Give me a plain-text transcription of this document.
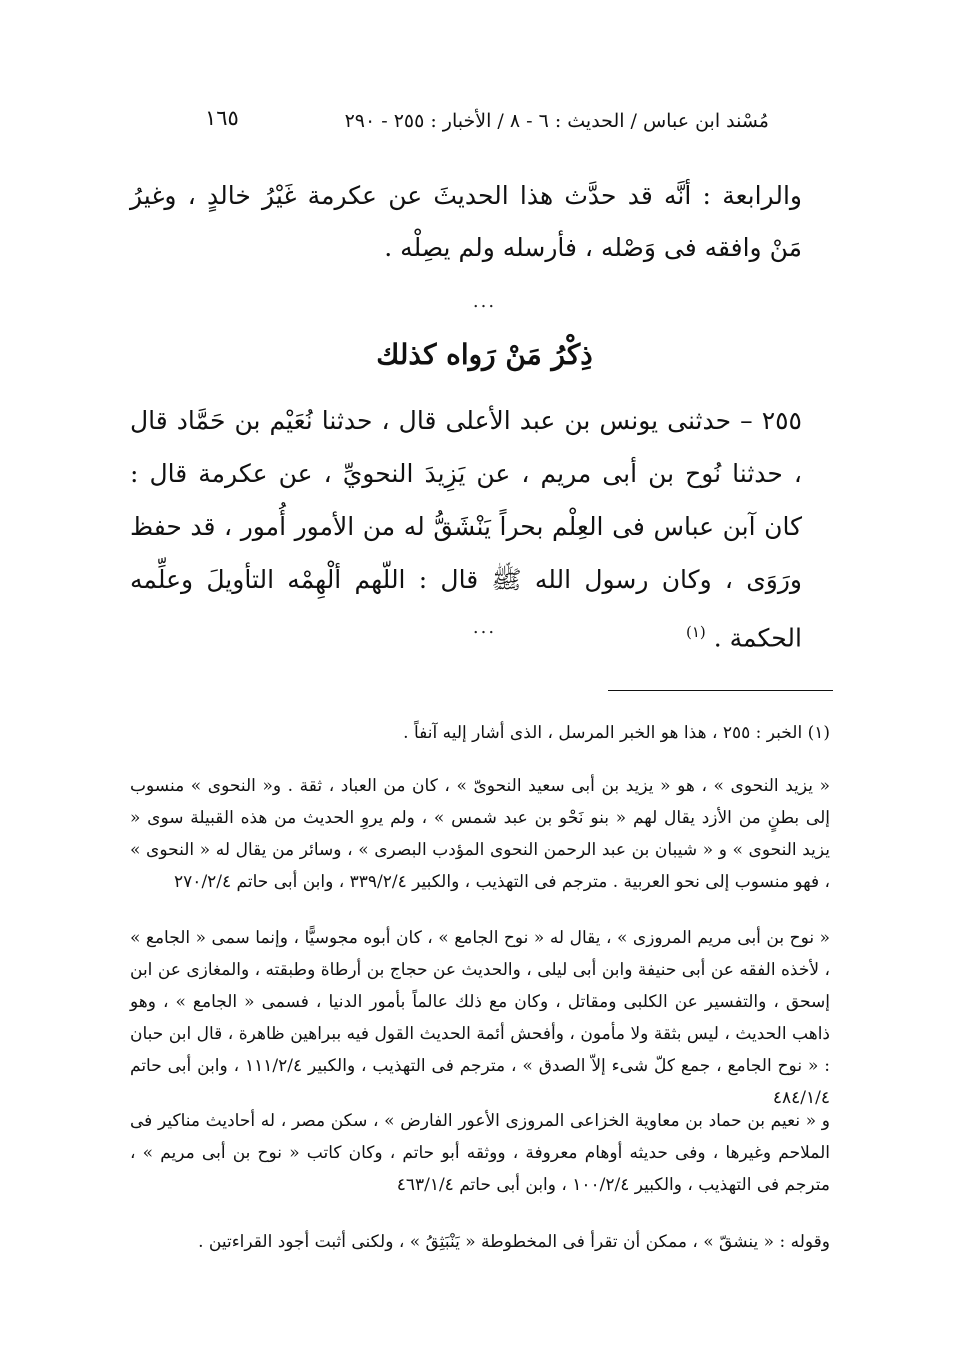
مُسْند ابن عباس / الحديث : ٦ - ٨ / الأخبار : ٢٥٥ - ٢٩٠
١٦٥
والرابعة : أنَّه قد حدَّث هذا الحديثَ عن عكرمة غَيْرُ خالدٍ ، وغيرُ مَنْ وافقه فى وَصْله ، فأرسله ولم يصِلْه .
...
ذِكْرُ مَنْ رَواه كذلك
٢٥٥ – حدثنى يونس بن عبد الأعلى قال ، حدثنا نُعَيْم بن حَمَّاد قال ، حدثنا نُوح بن أبى مريم ، عن يَزِيدَ النحويِّ ، عن عكرمة قال : كان آبن عباس فى العِلْم بحراً يَنْشَقُّ له من الأمور أُمور ، قد حفظ ورَوَى ، وكان رسول الله ﷺ قال : اللّهم ألْهِمْه التأويلَ وعلِّمه الحكمة . $^{(١)}$
...
(١) الخبر : ٢٥٥ ، هذا هو الخبر المرسل ، الذى أشار إليه آنفاً .
« يزيد النحوى » ، هو « يزيد بن أبى سعيد النحوىّ » ، كان من العباد ، ثقة . و« النحوى » منسوب إلى بطنٍ من الأزد يقال لهم « بنو نَحْو بن عبد شمس » ، ولم يروِ الحديث من هذه القبيلة سوى « يزيد النحوى » و « شيبان بن عبد الرحمن النحوى المؤدب البصرى » ، وسائر من يقال له « النحوى » ، فهو منسوب إلى نحو العربية . مترجم فى التهذيب ، والكبير ٣٣٩/٢/٤ ، وابن أبى حاتم ٢٧٠/٢/٤
« نوح بن أبى مريم المروزى » ، يقال له « نوح الجامع » ، كان أبوه مجوسيًّا ، وإنما سمى « الجامع » ، لأخذه الفقه عن أبى حنيفة وابن أبى ليلى ، والحديث عن حجاج بن أرطاة وطبقته ، والمغازى عن ابن إسحق ، والتفسير عن الكلبى ومقاتل ، وكان مع ذلك عالماً بأمور الدنيا ، فسمى « الجامع » ، وهو ذاهب الحديث ، ليس بثقة ولا مأمون ، وأفحش أئمة الحديث القول فيه ببراهين ظاهرة ، قال ابن حبان : « نوح الجامع ، جمع كلّ شىء إلاّ الصدق » ، مترجم فى التهذيب ، والكبير ١١١/٢/٤ ، وابن أبى حاتم ٤٨٤/١/٤
و « نعيم بن حماد بن معاوية الخزاعى المروزى الأعور الفارض » ، سكن مصر ، له أحاديث مناكير فى الملاحم وغيرها ، وفى حديثه أوهام معروفة ، ووثقه أبو حاتم ، وكان كاتب « نوح بن أبى مريم » ، مترجم فى التهذيب ، والكبير ١٠٠/٢/٤ ، وابن أبى حاتم ٤٦٣/١/٤
وقوله : « ينشقّ » ، ممكن أن تقرأ فى المخطوطة « يَنْبَثِقُ » ، ولكنى أثبت أجود القراءتين .
